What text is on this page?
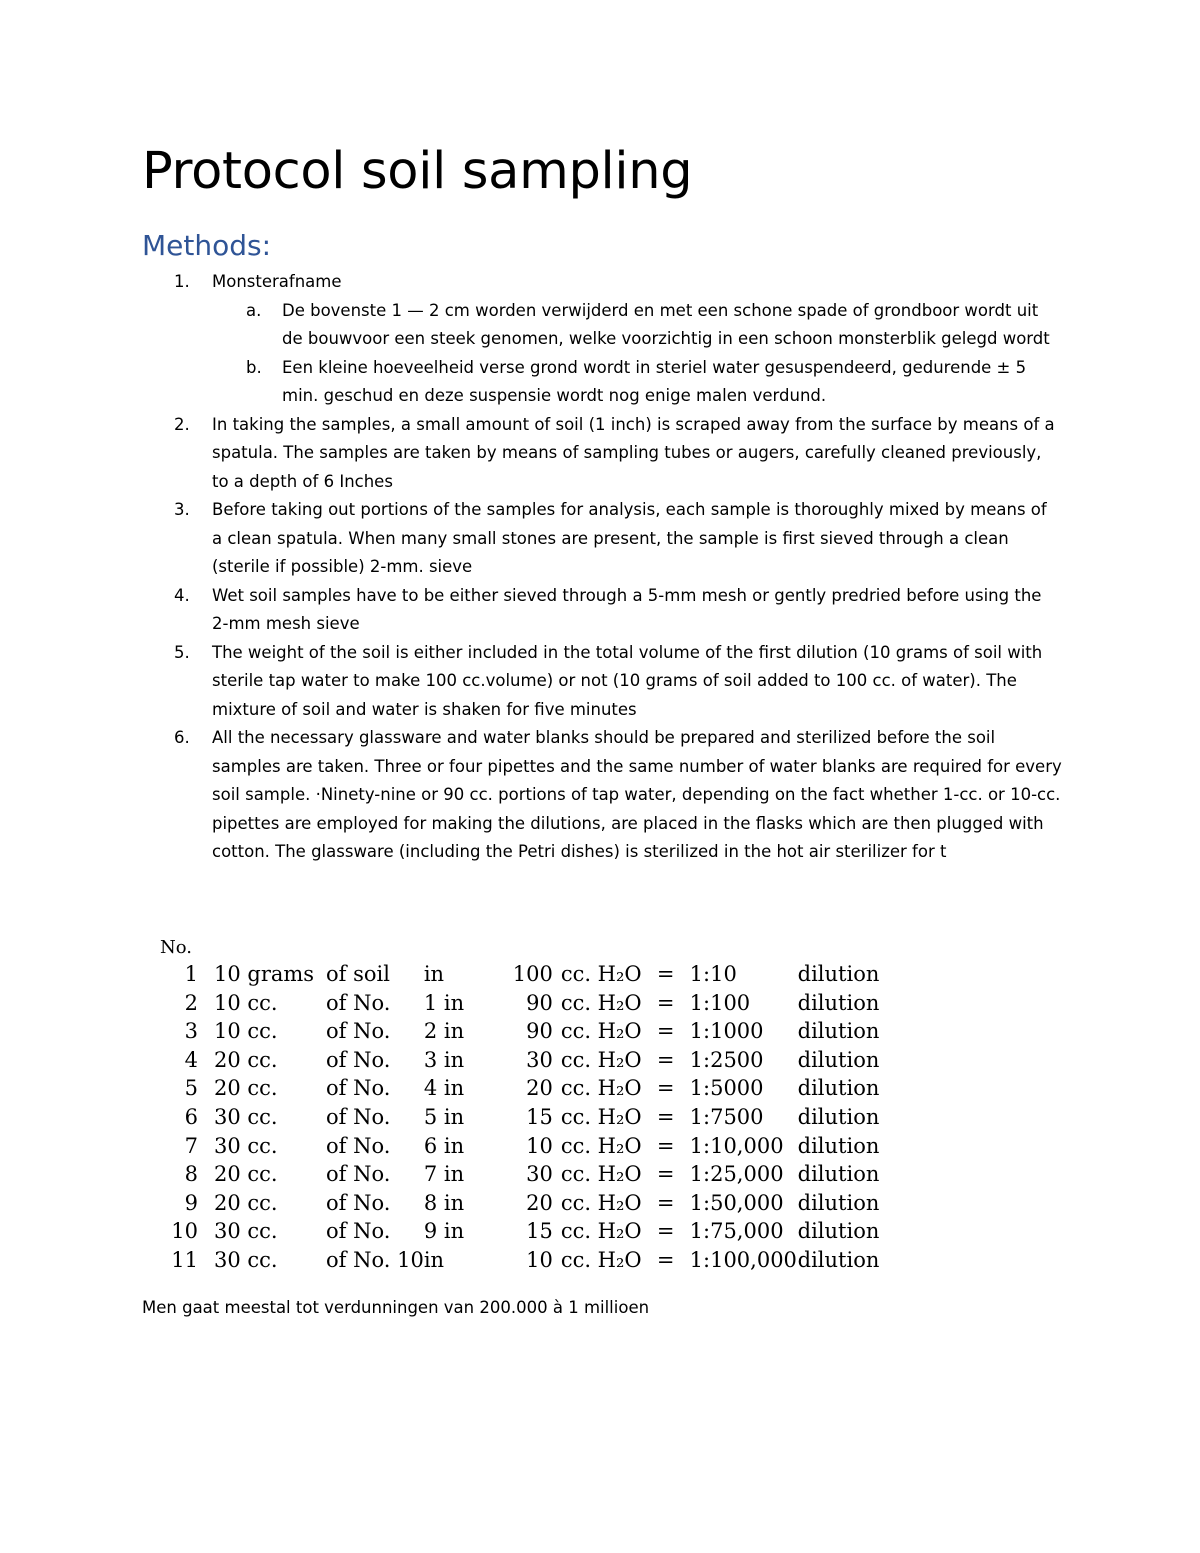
Protocol soil sampling
Methods:
1.	Monsterafname
a. De bovenste 1 — 2 cm worden verwijderd en met een schone spade of grondboor wordt uit de bouwvoor een steek genomen, welke voorzichtig in een schoon monsterblik gelegd wordt
b. Een kleine hoeveelheid verse grond wordt in steriel water gesuspendeerd, gedurende ± 5 min. geschud en deze suspensie wordt nog enige malen verdund.
2.	In taking the samples, a small amount of soil (1 inch) is scraped away from the surface by means of a spatula. The samples are taken by means of sampling tubes or augers, carefully cleaned previously, to a depth of 6 Inches
3.	Before taking out portions of the samples for analysis, each sample is thoroughly mixed by means of a clean spatula. When many small stones are present, the sample is first sieved through a clean (sterile if possible) 2-mm. sieve
4.	Wet soil samples have to be either sieved through a 5-mm mesh or gently predried before using the 2-mm mesh sieve
5.	The weight of the soil is either included in the total volume of the first dilution (10 grams of soil with sterile tap water to make 100 cc.volume) or not (10 grams of soil added to 100 cc. of water). The mixture of soil and water is shaken for five minutes
6.	All the necessary glassware and water blanks should be prepared and sterilized before the soil samples are taken. Three or four pipettes and the same number of water blanks are required for every soil sample. ·Ninety-nine or 90 cc. portions of tap water, depending on the fact whether 1-cc. or 10-cc. pipettes are employed for making the dilutions, are placed in the flasks which are then plugged with cotton. The glassware (including the Petri dishes) is sterilized in the hot air sterilizer for t
No.								
1	10 grams	of soil	in	100	cc. H₂O	=	1:10	dilution
2	10 cc.	of No.	1 in	90	cc. H₂O	=	1:100	dilution
3	10 cc.	of No.	2 in	90	cc. H₂O	=	1:1000	dilution
4	20 cc.	of No.	3 in	30	cc. H₂O	=	1:2500	dilution
5	20 cc.	of No.	4 in	20	cc. H₂O	=	1:5000	dilution
6	30 cc.	of No.	5 in	15	cc. H₂O	=	1:7500	dilution
7	30 cc.	of No.	6 in	10	cc. H₂O	=	1:10,000	dilution
8	20 cc.	of No.	7 in	30	cc. H₂O	=	1:25,000	dilution
9	20 cc.	of No.	8 in	20	cc. H₂O	=	1:50,000	dilution
10	30 cc.	of No.	9 in	15	cc. H₂O	=	1:75,000	dilution
11	30 cc.	of No. 10	in	10	cc. H₂O	=	1:100,000	dilution

Men gaat meestal tot verdunningen van 200.000 à 1 millioen
